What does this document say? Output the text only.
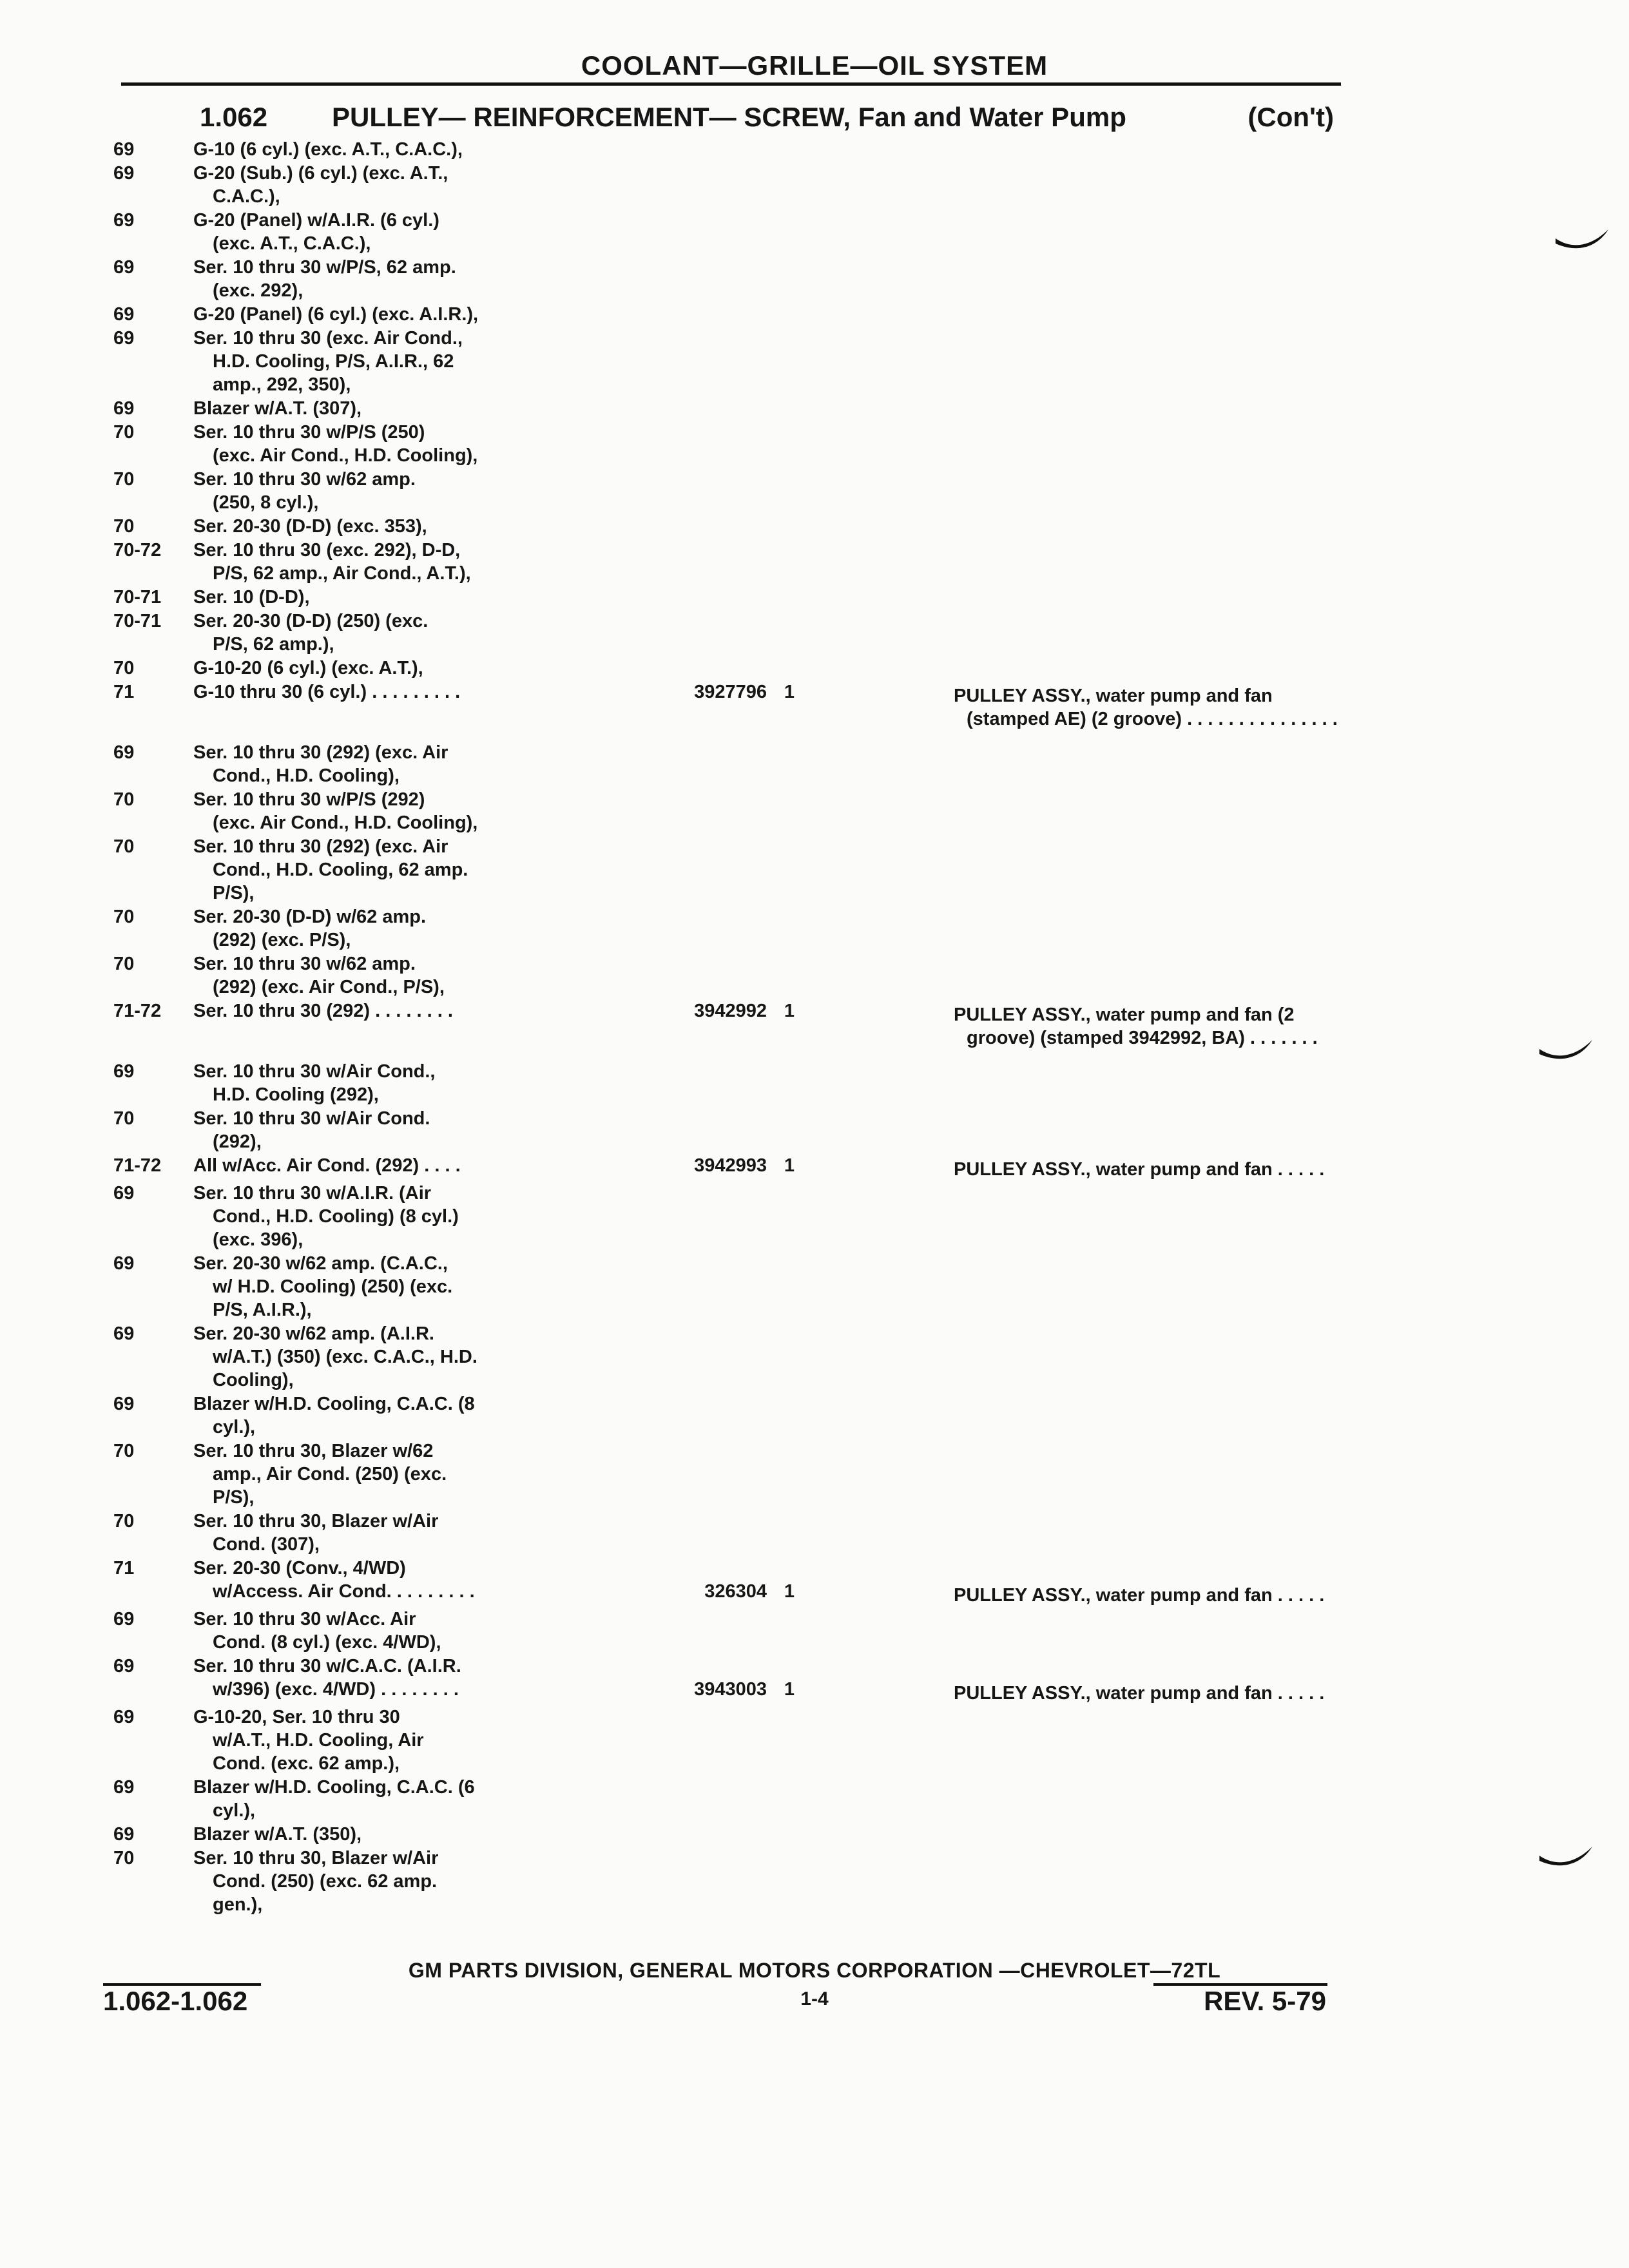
COOLANT—GRILLE—OIL SYSTEM
1.062	PULLEY— REINFORCEMENT— SCREW, Fan and Water Pump	(Con't)
69	G-10 (6 cyl.) (exc. A.T., C.A.C.),
69	G-20 (Sub.) (6 cyl.) (exc. A.T.,
C.A.C.),
69	G-20 (Panel) w/A.I.R. (6 cyl.)
(exc. A.T., C.A.C.),
69	Ser. 10 thru 30 w/P/S, 62 amp.
(exc. 292),
69	G-20 (Panel) (6 cyl.) (exc. A.I.R.),
69	Ser. 10 thru 30 (exc. Air Cond.,
H.D. Cooling, P/S, A.I.R., 62
amp., 292, 350),
69	Blazer w/A.T. (307),
70	Ser. 10 thru 30 w/P/S (250)
(exc. Air Cond., H.D. Cooling),
70	Ser. 10 thru 30 w/62 amp.
(250, 8 cyl.),
70	Ser. 20-30 (D-D) (exc. 353),
70-72	Ser. 10 thru 30 (exc. 292), D-D,
P/S, 62 amp., Air Cond., A.T.),
70-71	Ser. 10 (D-D),
70-71	Ser. 20-30 (D-D) (250) (exc.
P/S, 62 amp.),
70	G-10-20 (6 cyl.) (exc. A.T.),
71	G-10 thru 30 (6 cyl.) . . . . . . . . .	3927796 1	PULLEY ASSY., water pump and fan
(stamped AE) (2 groove) . . . . . . . . . . . . . . .
69	Ser. 10 thru 30 (292) (exc. Air
Cond., H.D. Cooling),
70	Ser. 10 thru 30 w/P/S (292)
(exc. Air Cond., H.D. Cooling),
70	Ser. 10 thru 30 (292) (exc. Air
Cond., H.D. Cooling, 62 amp.
P/S),
70	Ser. 20-30 (D-D) w/62 amp.
(292) (exc. P/S),
70	Ser. 10 thru 30 w/62 amp.
(292) (exc. Air Cond., P/S),
71-72	Ser. 10 thru 30 (292) . . . . . . . .	3942992 1	PULLEY ASSY., water pump and fan (2
groove) (stamped 3942992, BA) . . . . . . .
69	Ser. 10 thru 30 w/Air Cond.,
H.D. Cooling (292),
70	Ser. 10 thru 30 w/Air Cond.
(292),
71-72	All w/Acc. Air Cond. (292) . . . .	3942993 1	PULLEY ASSY., water pump and fan . . . . .
69	Ser. 10 thru 30 w/A.I.R. (Air
Cond., H.D. Cooling) (8 cyl.)
(exc. 396),
69	Ser. 20-30 w/62 amp. (C.A.C.,
w/ H.D. Cooling) (250) (exc.
P/S, A.I.R.),
69	Ser. 20-30 w/62 amp. (A.I.R.
w/A.T.) (350) (exc. C.A.C., H.D.
Cooling),
69	Blazer w/H.D. Cooling, C.A.C. (8
cyl.),
70	Ser. 10 thru 30, Blazer w/62
amp., Air Cond. (250) (exc.
P/S),
70	Ser. 10 thru 30, Blazer w/Air
Cond. (307),
71	Ser. 20-30 (Conv., 4/WD)
w/Access. Air Cond. . . . . . . . .	326304 1	PULLEY ASSY., water pump and fan . . . . .
69	Ser. 10 thru 30 w/Acc. Air
Cond. (8 cyl.) (exc. 4/WD),
69	Ser. 10 thru 30 w/C.A.C. (A.I.R.
w/396) (exc. 4/WD) . . . . . . . .	3943003 1	PULLEY ASSY., water pump and fan . . . . .
69	G-10-20, Ser. 10 thru 30
w/A.T., H.D. Cooling, Air
Cond. (exc. 62 amp.),
69	Blazer w/H.D. Cooling, C.A.C. (6
cyl.),
69	Blazer w/A.T. (350),
70	Ser. 10 thru 30, Blazer w/Air
Cond. (250) (exc. 62 amp.
gen.),
GM PARTS DIVISION, GENERAL MOTORS CORPORATION —CHEVROLET—72TL
1.062-1.062	1-4	REV. 5-79
